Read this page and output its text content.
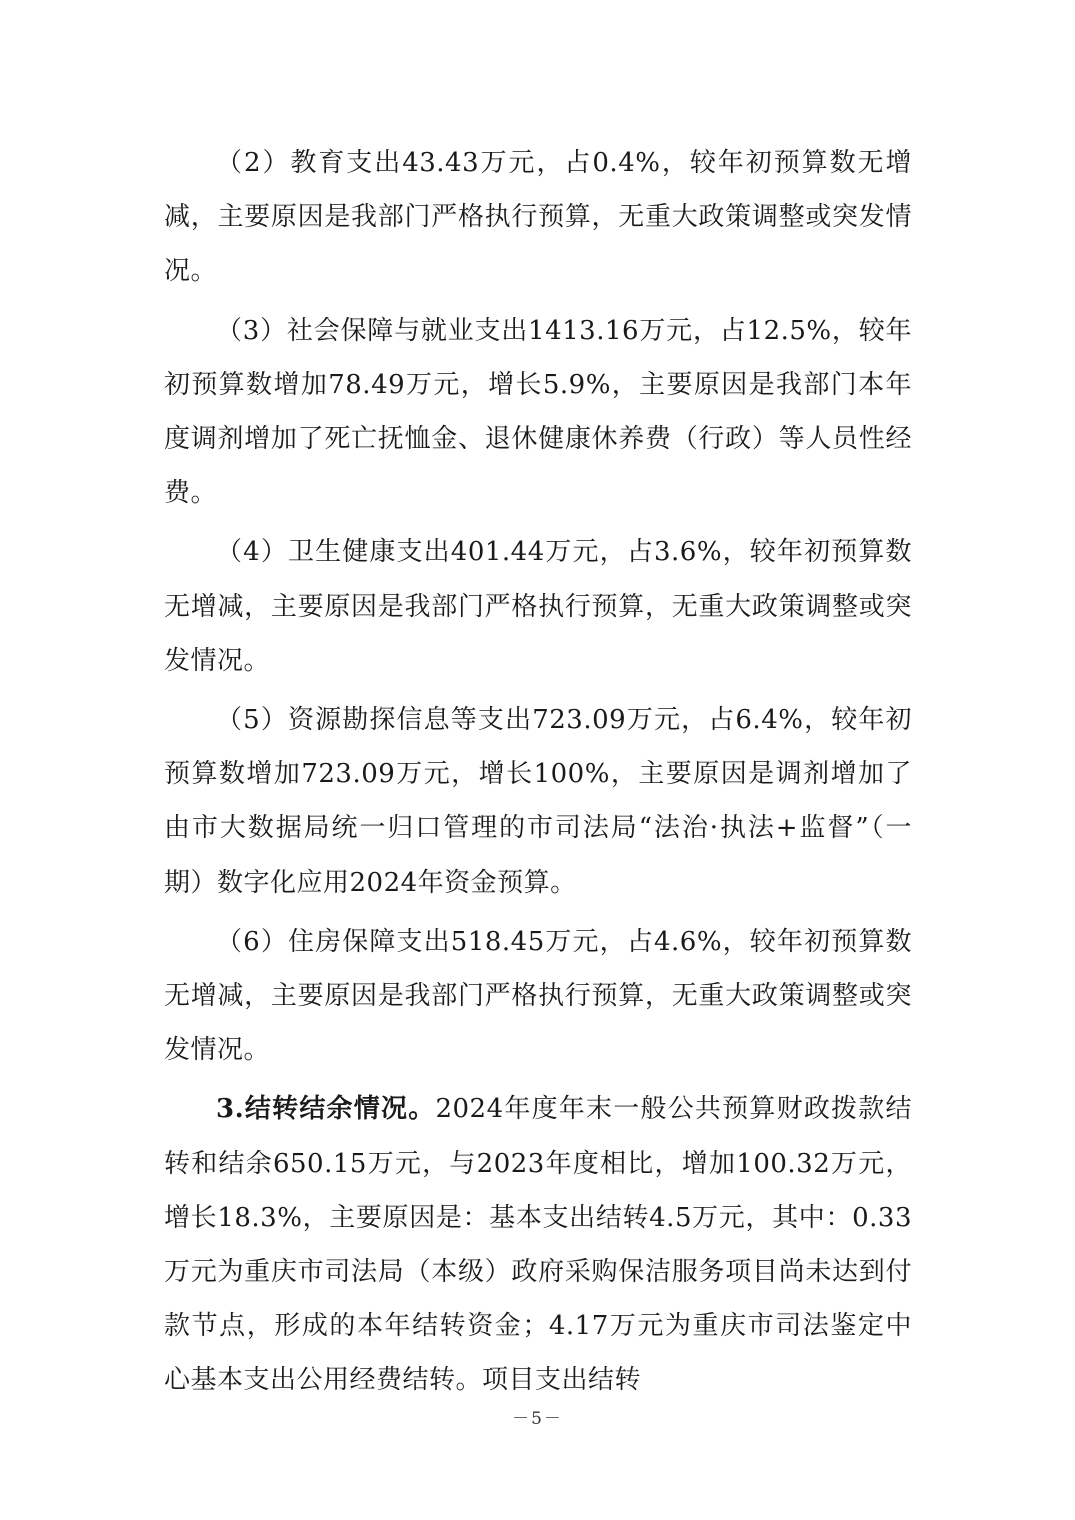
（2）教育支出43.43万元，占0.4%，较年初预算数无增减，主要原因是我部门严格执行预算，无重大政策调整或突发情况。

（3）社会保障与就业支出1413.16万元，占12.5%，较年初预算数增加78.49万元，增长5.9%，主要原因是我部门本年度调剂增加了死亡抚恤金、退休健康休养费（行政）等人员性经费。

（4）卫生健康支出401.44万元，占3.6%，较年初预算数无增减，主要原因是我部门严格执行预算，无重大政策调整或突发情况。

（5）资源勘探信息等支出723.09万元，占6.4%，较年初预算数增加723.09万元，增长100%，主要原因是调剂增加了由市大数据局统一归口管理的市司法局“法治·执法+监督”（一期）数字化应用2024年资金预算。

（6）住房保障支出518.45万元，占4.6%，较年初预算数无增减，主要原因是我部门严格执行预算，无重大政策调整或突发情况。

3.结转结余情况。2024年度年末一般公共预算财政拨款结转和结余650.15万元，与2023年度相比，增加100.32万元，增长18.3%，主要原因是：基本支出结转4.5万元，其中：0.33万元为重庆市司法局（本级）政府采购保洁服务项目尚未达到付款节点，形成的本年结转资金；4.17万元为重庆市司法鉴定中心基本支出公用经费结转。项目支出结转

－5－
